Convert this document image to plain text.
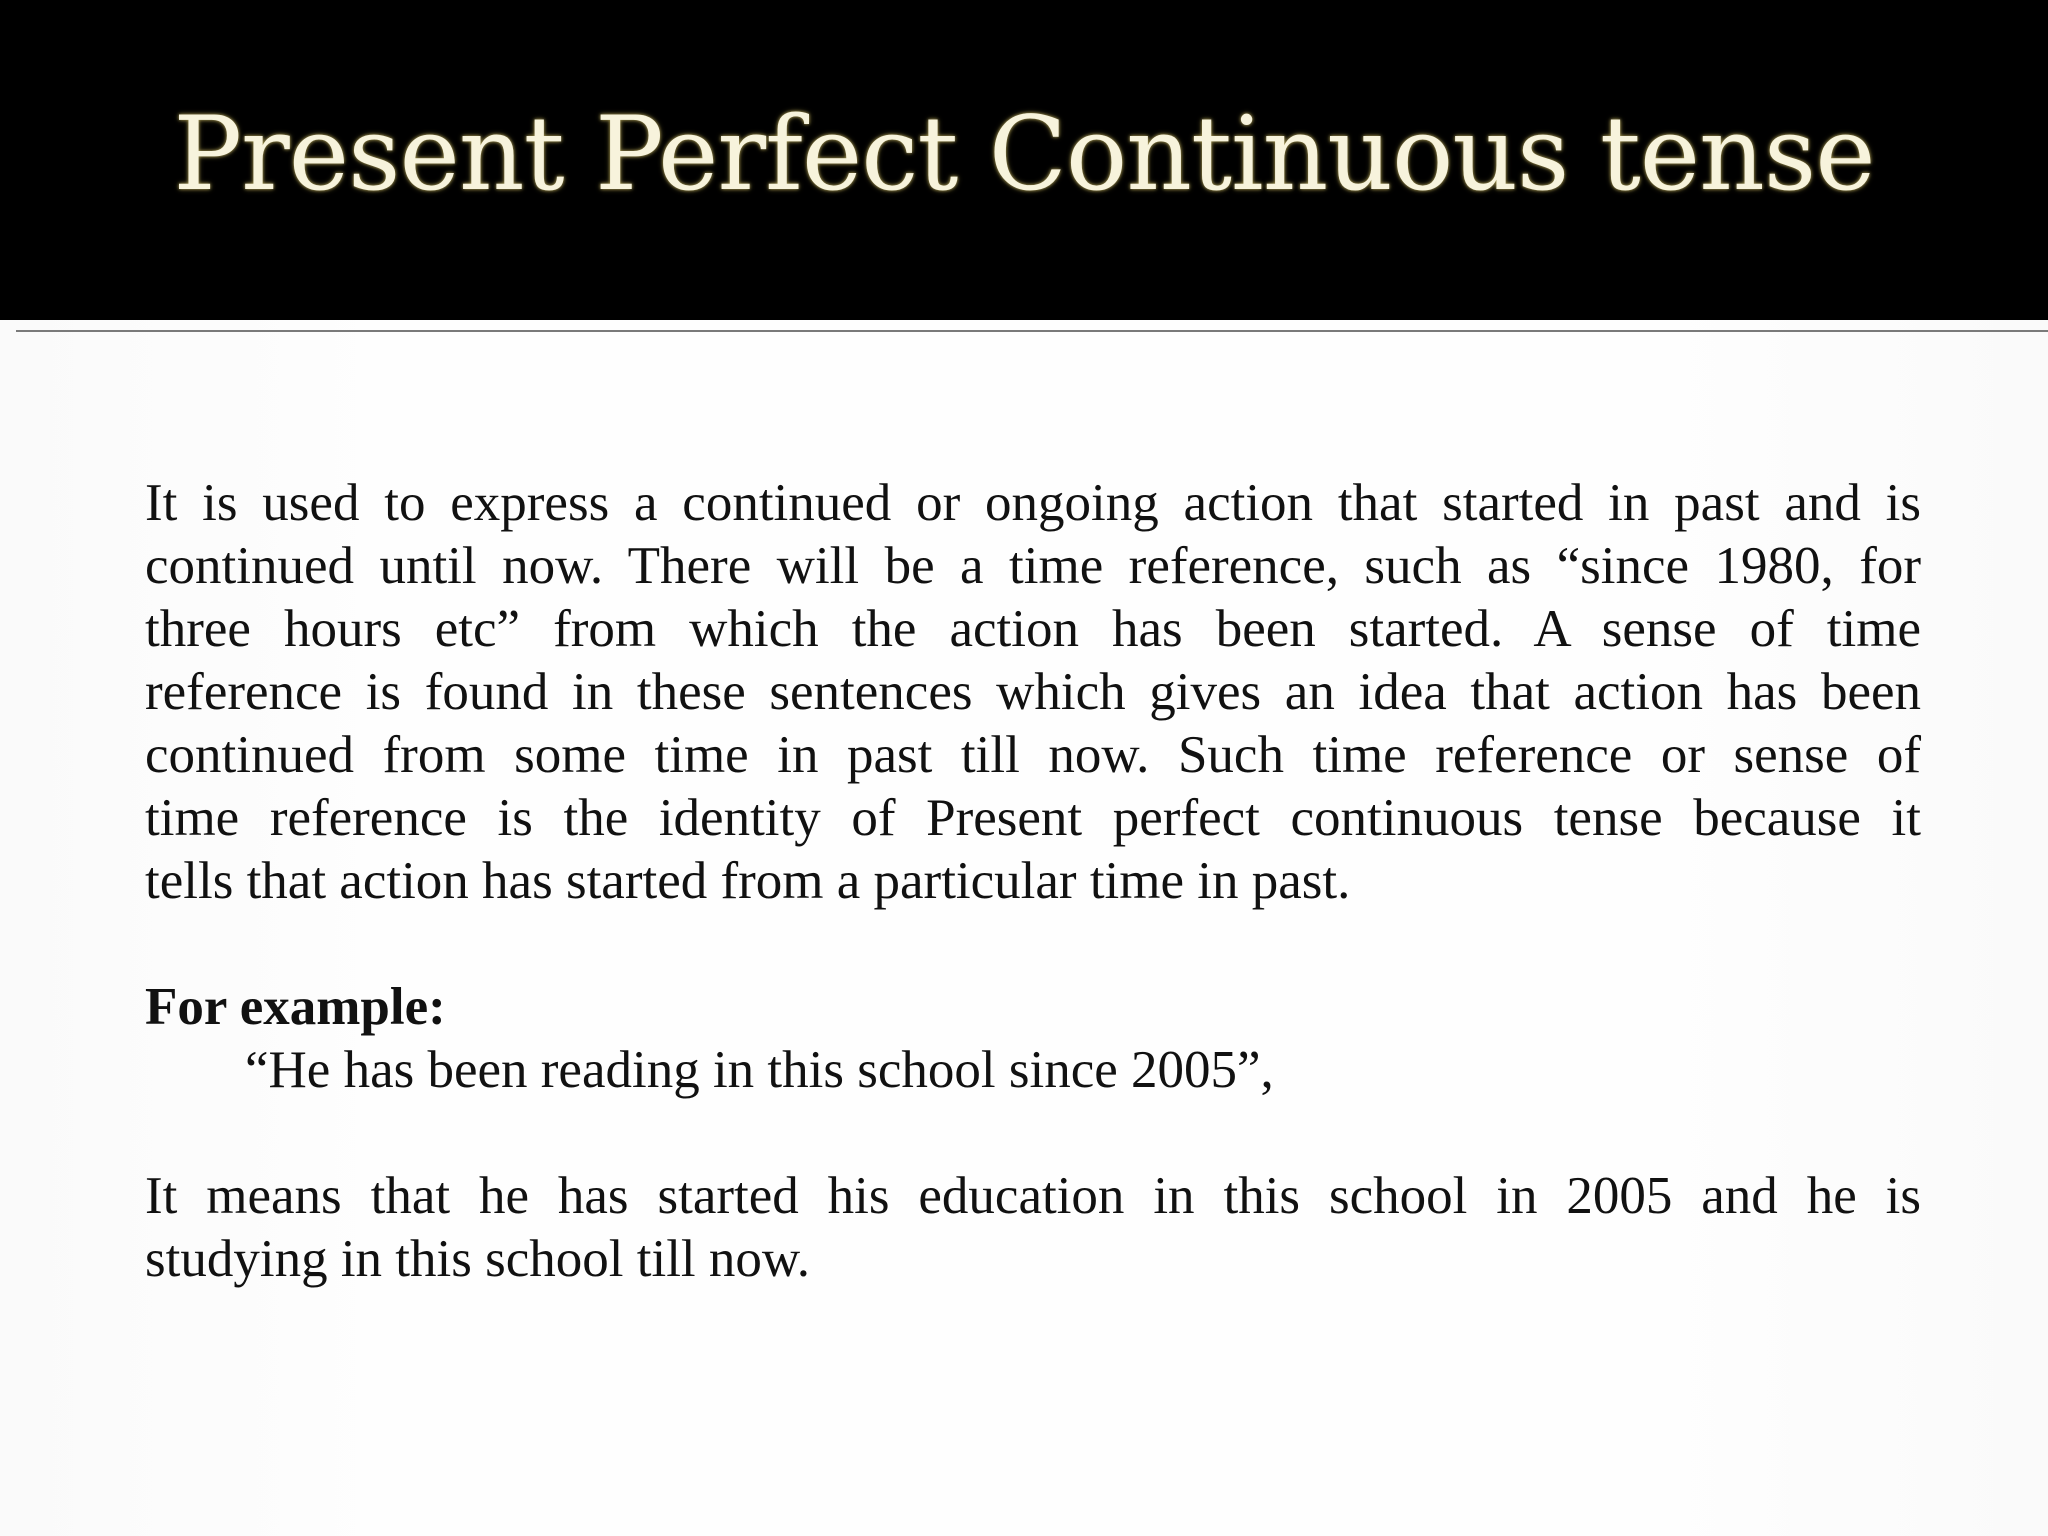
Present Perfect Continuous tense
It is used to express a continued or ongoing action that started in past and is
continued until now. There will be a time reference, such as “since 1980, for
three hours etc” from which the action has been started. A sense of time
reference is found in these sentences which gives an idea that action has been
continued from some time in past till now. Such time reference or sense of
time reference is the identity of Present perfect continuous tense because it
tells that action has started from a particular time in past.

For example:

“He has been reading in this school since 2005”,

It means that he has started his education in this school in 2005 and he is
studying in this school till now.
